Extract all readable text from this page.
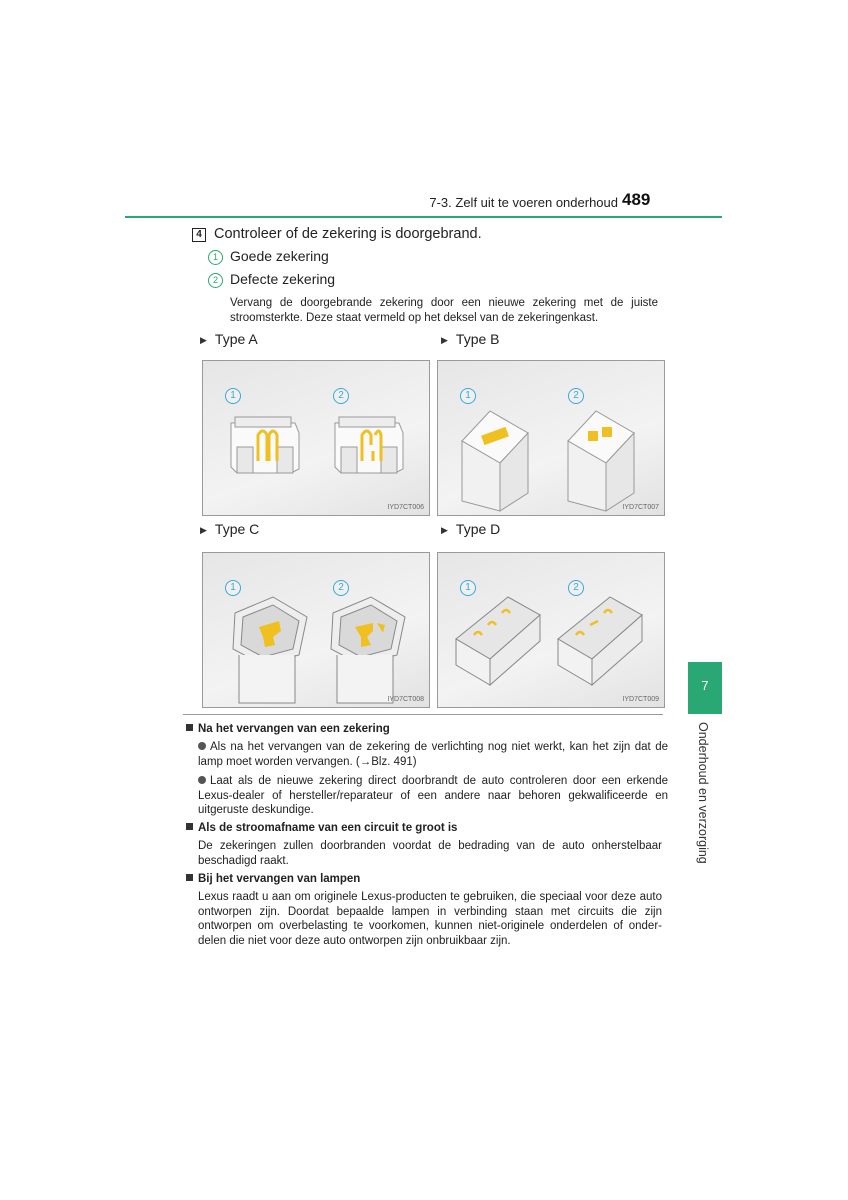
7-3. Zelf uit te voeren onderhoud 489
4 Controleer of de zekering is doorgebrand.
1 Goede zekering
2 Defecte zekering
Vervang de doorgebrande zekering door een nieuwe zekering met de juiste stroomsterkte. Deze staat vermeld op het deksel van de zekeringenkast.
▶ Type A	▶ Type B
▶ Type C	▶ Type D
1	2
IYD7CT006
1	2
IYD7CT007
1	2
IYD7CT008
1	2
IYD7CT009
Na het vervangen van een zekering
Als na het vervangen van de zekering de verlichting nog niet werkt, kan het zijn dat de lamp moet worden vervangen. (→Blz. 491)
Laat als de nieuwe zekering direct doorbrandt de auto controleren door een erkende Lexus-dealer of hersteller/reparateur of een andere naar behoren gekwalificeerde en uitgeruste deskundige.
Als de stroomafname van een circuit te groot is
De zekeringen zullen doorbranden voordat de bedrading van de auto onherstelbaar beschadigd raakt.
Bij het vervangen van lampen
Lexus raadt u aan om originele Lexus-producten te gebruiken, die speciaal voor deze auto ontworpen zijn. Doordat bepaalde lampen in verbinding staan met circuits die zijn ontworpen om overbelasting te voorkomen, kunnen niet-originele onderdelen of onder-delen die niet voor deze auto ontworpen zijn onbruikbaar zijn.
7
Onderhoud en verzorging
